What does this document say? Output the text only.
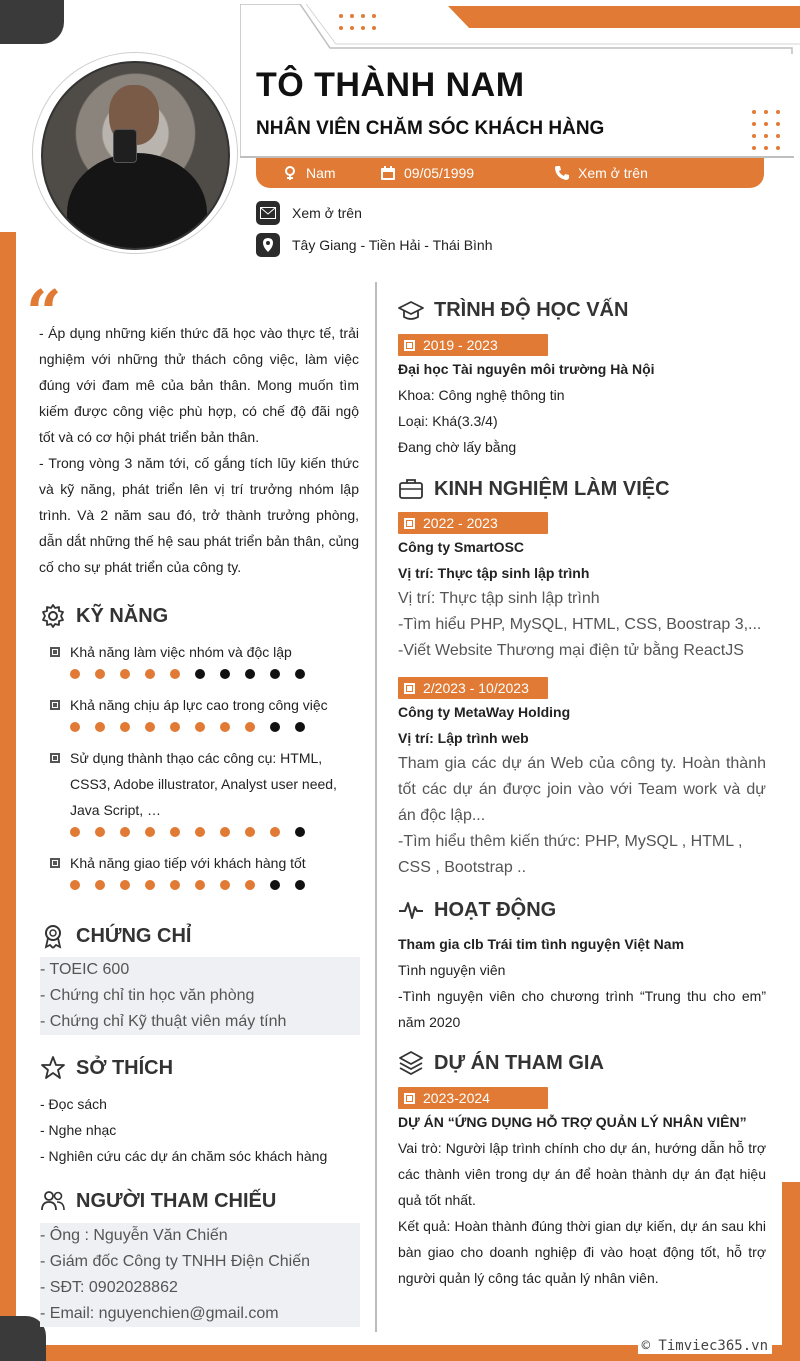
TÔ THÀNH NAM
NHÂN VIÊN CHĂM SÓC KHÁCH HÀNG
Nam	09/05/1999	Xem ở trên
Xem ở trên
Tây Giang - Tiền Hải - Thái Bình
“

- Áp dụng những kiến thức đã học vào thực tế, trải nghiệm với những thử thách công việc, làm việc đúng với đam mê của bản thân. Mong muốn tìm kiếm được công việc phù hợp, có chế độ đãi ngộ tốt và có cơ hội phát triển bản thân.

- Trong vòng 3 năm tới, cố gắng tích lũy kiến thức và kỹ năng, phát triển lên vị trí trưởng nhóm lập trình. Và 2 năm sau đó, trở thành trưởng phòng, dẫn dắt những thế hệ sau phát triển bản thân, củng cố cho sự phát triển của công ty.

KỸ NĂNG
Khả năng làm việc nhóm và độc lập
Khả năng chịu áp lực cao trong công việc
Sử dụng thành thạo các công cụ: HTML, CSS3, Adobe illustrator, Analyst user need, Java Script, …
Khả năng giao tiếp với khách hàng tốt
CHỨNG CHỈ
- TOEIC 600
- Chứng chỉ tin học văn phòng
- Chứng chỉ Kỹ thuật viên máy tính
SỞ THÍCH
- Đọc sách
- Nghe nhạc
- Nghiên cứu các dự án chăm sóc khách hàng
NGƯỜI THAM CHIẾU
- Ông : Nguyễn Văn Chiến
- Giám đốc Công ty TNHH Điện Chiến
- SĐT: 0902028862
- Email: nguyenchien@gmail.com
TRÌNH ĐỘ HỌC VẤN
2019 - 2023
Đại học Tài nguyên môi trường Hà Nội
Khoa: Công nghệ thông tin
Loại: Khá(3.3/4)
Đang chờ lấy bằng
KINH NGHIỆM LÀM VIỆC
2022 - 2023
Công ty SmartOSC
Vị trí: Thực tập sinh lập trình
Vị trí: Thực tập sinh lập trình
-Tìm hiểu PHP, MySQL, HTML, CSS, Boostrap 3,...
-Viết Website Thương mại điện tử bằng ReactJS
2/2023 - 10/2023
Công ty MetaWay Holding
Vị trí: Lập trình web
Tham gia các dự án Web của công ty. Hoàn thành tốt các dự án được join vào với Team work và dự án độc lập...
-Tìm hiểu thêm kiến thức: PHP, MySQL , HTML , CSS , Bootstrap ..
HOẠT ĐỘNG
Tham gia clb Trái tim tình nguyện Việt Nam
Tình nguyện viên
-Tình nguyện viên cho chương trình “Trung thu cho em” năm 2020
DỰ ÁN THAM GIA
2023-2024
DỰ ÁN “ỨNG DỤNG HỖ TRỢ QUẢN LÝ NHÂN VIÊN”
Vai trò: Người lập trình chính cho dự án, hướng dẫn hỗ trợ các thành viên trong dự án để hoàn thành dự án đạt hiệu quả tốt nhất.
Kết quả: Hoàn thành đúng thời gian dự kiến, dự án sau khi bàn giao cho doanh nghiệp đi vào hoạt động tốt, hỗ trợ người quản lý công tác quản lý nhân viên.
© Timviec365.vn
